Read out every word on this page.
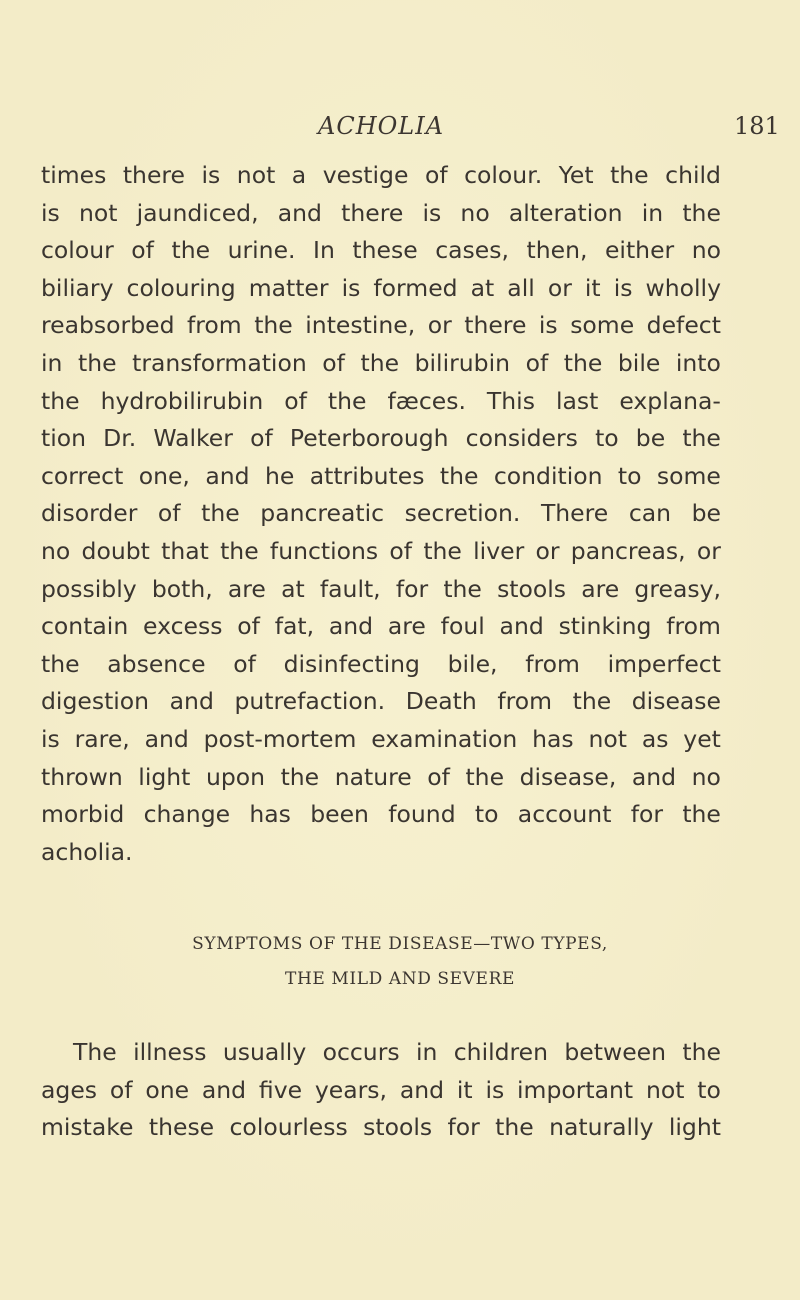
ACHOLIA	181
times there is not a vestige of colour. Yet the child
is not jaundiced, and there is no alteration in the
colour of the urine. In these cases, then, either no
biliary colouring matter is formed at all or it is wholly
reabsorbed from the intestine, or there is some defect
in the transformation of the bilirubin of the bile into
the hydrobilirubin of the fæces. This last explana-
tion Dr. Walker of Peterborough considers to be the
correct one, and he attributes the condition to some
disorder of the pancreatic secretion. There can be
no doubt that the functions of the liver or pancreas, or
possibly both, are at fault, for the stools are greasy,
contain excess of fat, and are foul and stinking from
the absence of disinfecting bile, from imperfect
digestion and putrefaction. Death from the disease
is rare, and post-mortem examination has not as yet
thrown light upon the nature of the disease, and no
morbid change has been found to account for the
acholia.
SYMPTOMS OF THE DISEASE—TWO TYPES,
THE MILD AND SEVERE
The illness usually occurs in children between the
ages of one and five years, and it is important not to
mistake these colourless stools for the naturally light
